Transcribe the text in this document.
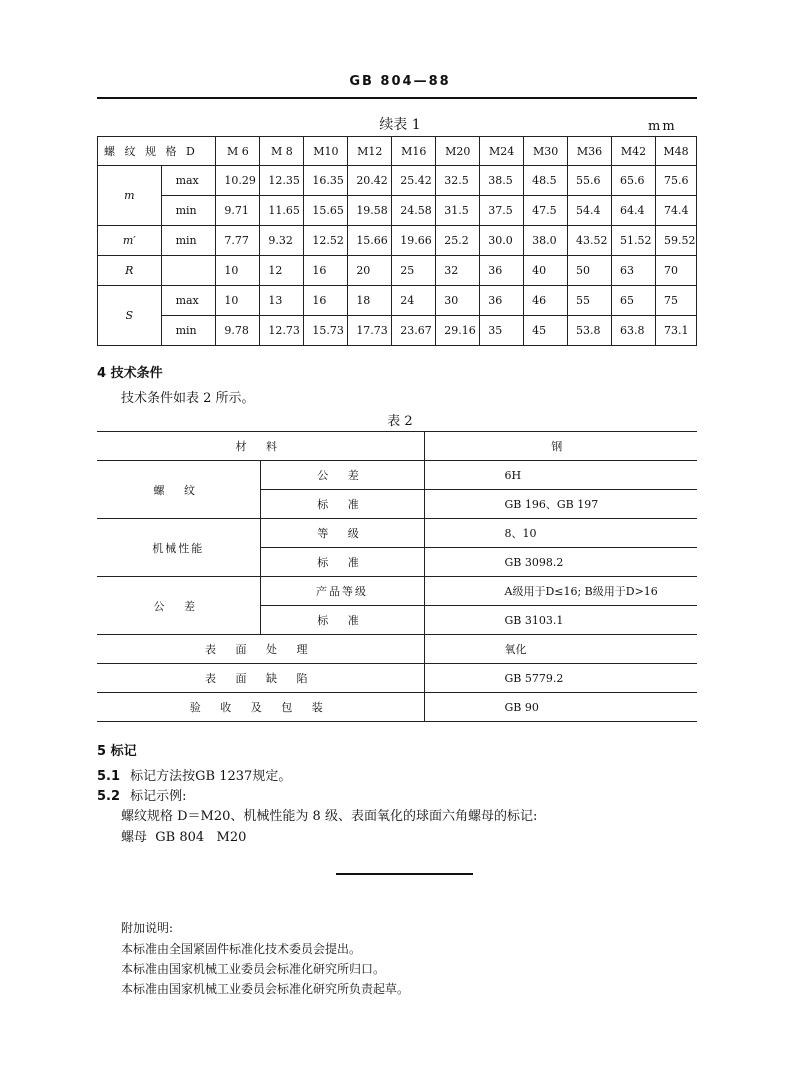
GB 804—88
续表 1	mm
螺 纹 规 格 D		M 6	M 8	M10	M12	M16	M20	M24	M30	M36	M42	M48
m	max	10.29	12.35	16.35	20.42	25.42	32.5	38.5	48.5	55.6	65.6	75.6
	min	9.71	11.65	15.65	19.58	24.58	31.5	37.5	47.5	54.4	64.4	74.4
m′	min	7.77	9.32	12.52	15.66	19.66	25.2	30.0	38.0	43.52	51.52	59.52
R		10	12	16	20	25	32	36	40	50	63	70
S	max	10	13	16	18	24	30	36	46	55	65	75
	min	9.78	12.73	15.73	17.73	23.67	29.16	35	45	53.8	63.8	73.1
4 技术条件
技术条件如表 2 所示。
表 2
材 料		钢
螺 纹	公 差	6H
	标 准	GB 196、GB 197
机械性能	等 级	8、10
	标 准	GB 3098.2
公 差	产品等级	A级用于D≤16; B级用于D>16
	标 准	GB 3103.1
表 面 处 理		氧化
表 面 缺 陷		GB 5779.2
验 收 及 包 装		GB 90
5 标记
5.1 标记方法按GB 1237规定。
5.2 标记示例:
螺纹规格 D＝M20、机械性能为 8 级、表面氧化的球面六角螺母的标记:
螺母  GB 804   M20
附加说明:
本标准由全国紧固件标准化技术委员会提出。
本标准由国家机械工业委员会标准化研究所归口。
本标准由国家机械工业委员会标准化研究所负责起草。
